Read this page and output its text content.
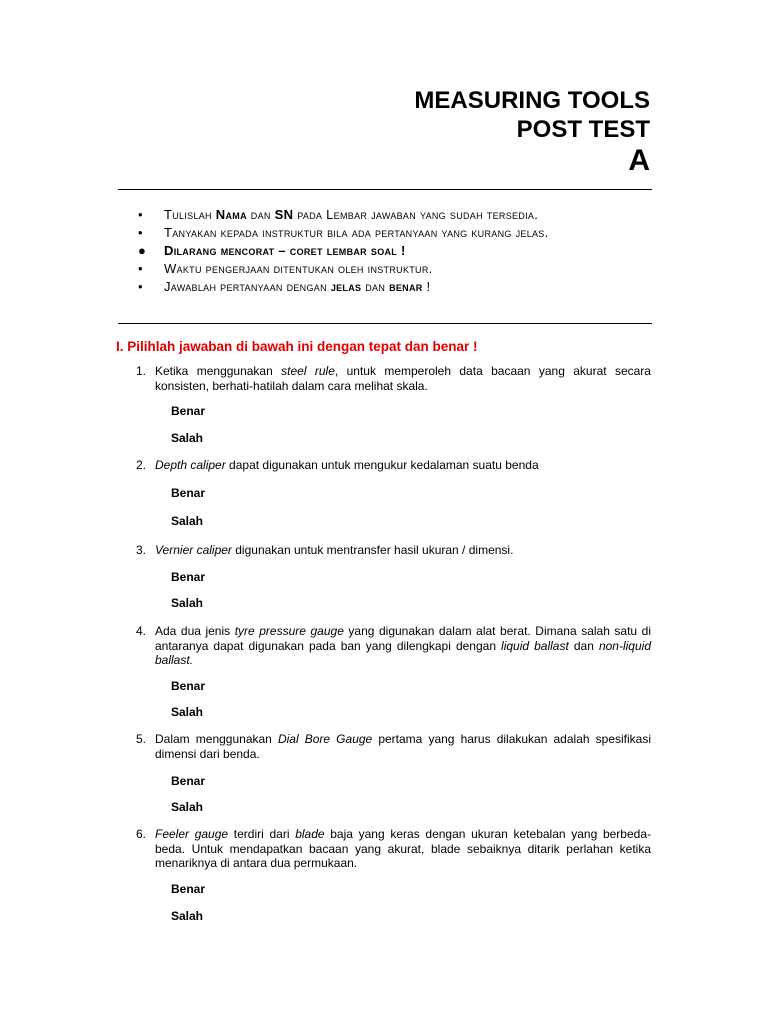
MEASURING TOOLS
POST TEST
A
• Tulislah Nama dan SN pada Lembar jawaban yang sudah tersedia.
• Tanyakan kepada instruktur bila ada pertanyaan yang kurang jelas.
● Dilarang mencorat – coret lembar soal !
• Waktu pengerjaan ditentukan oleh instruktur.
• Jawablah pertanyaan dengan jelas dan benar !
I. Pilihlah jawaban di bawah ini dengan tepat dan benar !
1. Ketika menggunakan steel rule, untuk memperoleh data bacaan yang akurat secara konsisten, berhati-hatilah dalam cara melihat skala.
Benar
Salah
2. Depth caliper dapat digunakan untuk mengukur kedalaman suatu benda
Benar
Salah
3. Vernier caliper digunakan untuk mentransfer hasil ukuran / dimensi.
Benar
Salah
4. Ada dua jenis tyre pressure gauge yang digunakan dalam alat berat. Dimana salah satu di antaranya dapat digunakan pada ban yang dilengkapi dengan liquid ballast dan non-liquid ballast.
Benar
Salah
5. Dalam menggunakan Dial Bore Gauge pertama yang harus dilakukan adalah spesifikasi dimensi dari benda.
Benar
Salah
6. Feeler gauge terdiri dari blade baja yang keras dengan ukuran ketebalan yang berbeda-beda. Untuk mendapatkan bacaan yang akurat, blade sebaiknya ditarik perlahan ketika menariknya di antara dua permukaan.
Benar
Salah
